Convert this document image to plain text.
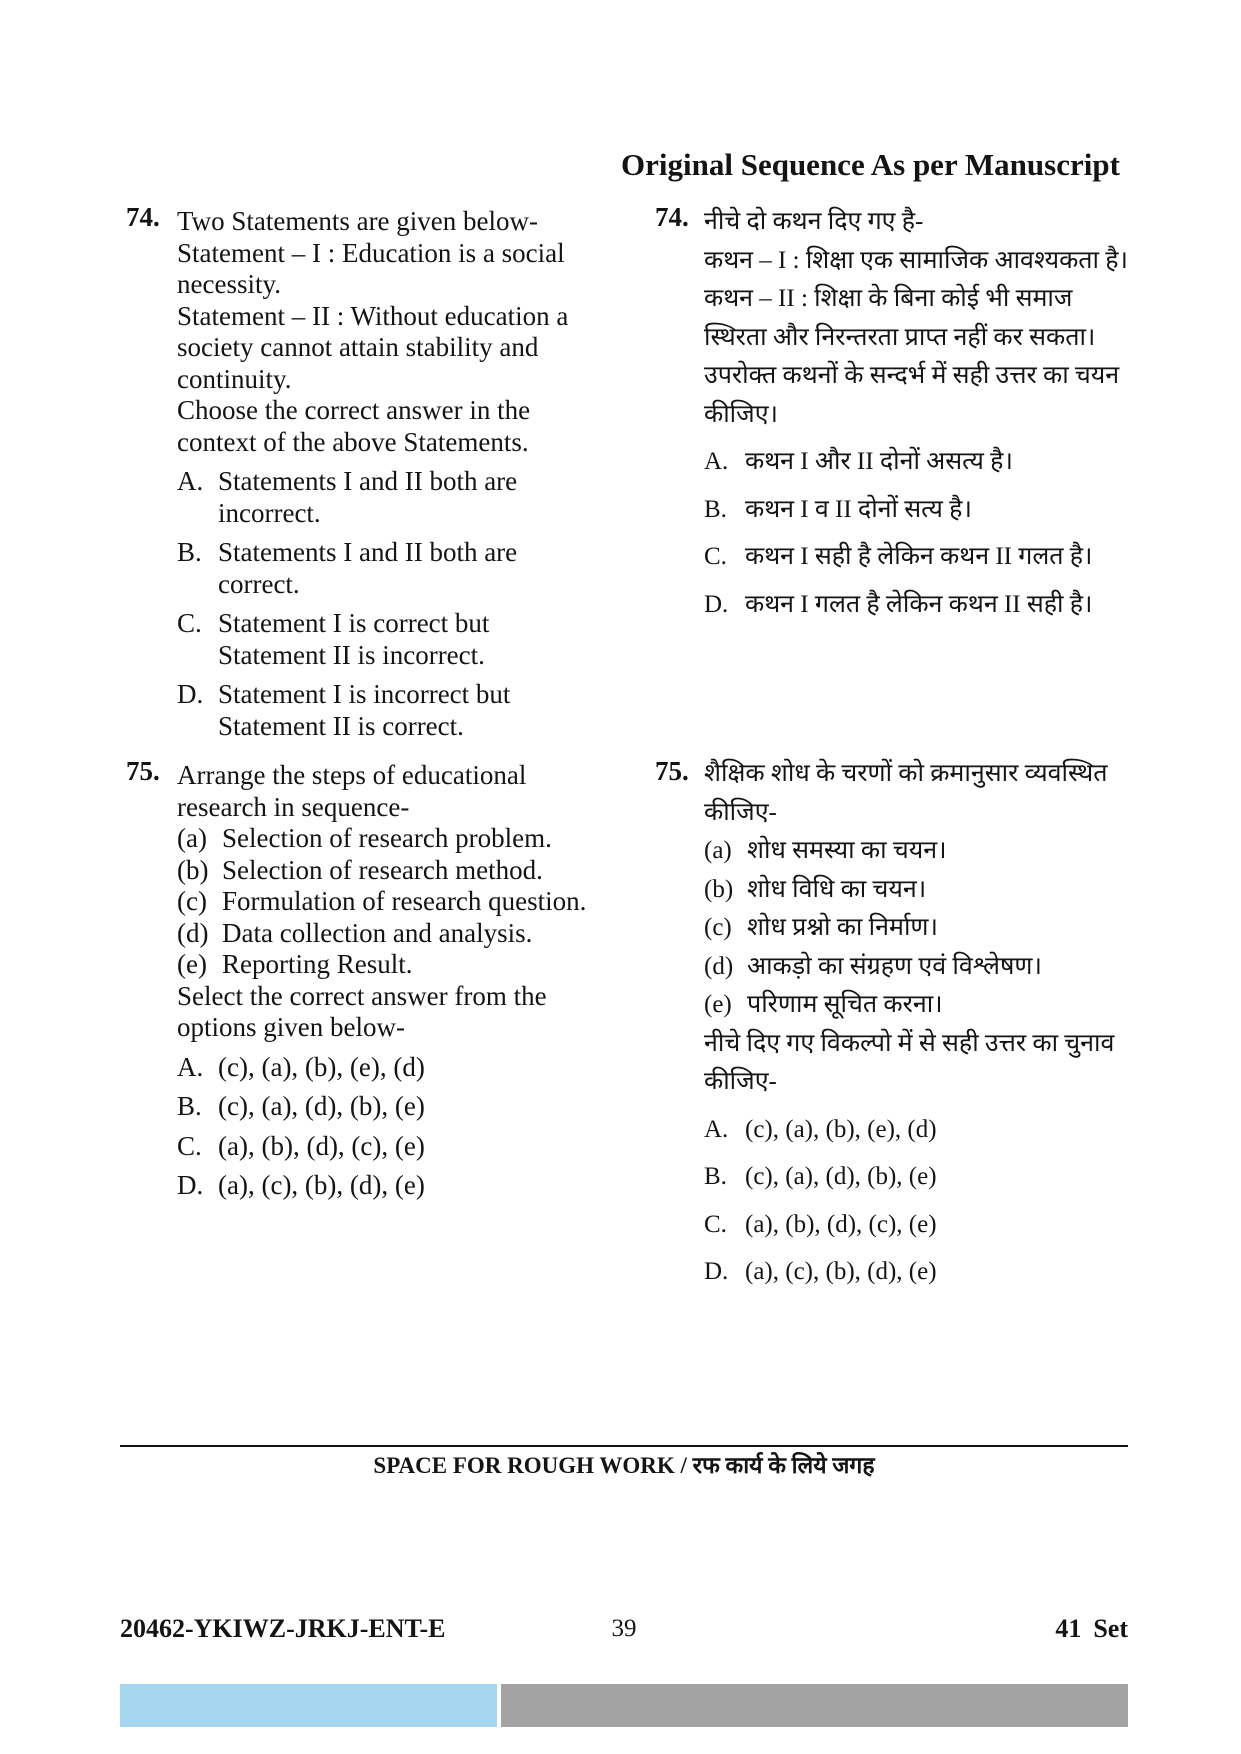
Original Sequence As per Manuscript
74. Two Statements are given below-
Statement – I : Education is a social
necessity.
Statement – II : Without education a
society cannot attain stability and
continuity.
Choose the correct answer in the
context of the above Statements.
A. Statements I and II both are
incorrect.
B. Statements I and II both are
correct.
C. Statement I is correct but
Statement II is incorrect.
D. Statement I is incorrect but
Statement II is correct.
74. नीचे दो कथन दिए गए है-
कथन – I : शिक्षा एक सामाजिक आवश्यकता है।
कथन – II : शिक्षा के बिना कोई भी समाज
स्थिरता और निरन्तरता प्राप्त नहीं कर सकता।
उपरोक्त कथनों के सन्दर्भ में सही उत्तर का चयन
कीजिए।
A. कथन I और II दोनों असत्य है।
B. कथन I व II दोनों सत्य है।
C. कथन I सही है लेकिन कथन II गलत है।
D. कथन I गलत है लेकिन कथन II सही है।
75. Arrange the steps of educational
research in sequence-
(a) Selection of research problem.
(b) Selection of research method.
(c) Formulation of research question.
(d) Data collection and analysis.
(e) Reporting Result.
Select the correct answer from the
options given below-
A. (c), (a), (b), (e), (d)
B. (c), (a), (d), (b), (e)
C. (a), (b), (d), (c), (e)
D. (a), (c), (b), (d), (e)
75. शैक्षिक शोध के चरणों को क्रमानुसार व्यवस्थित
कीजिए-
(a) शोध समस्या का चयन।
(b) शोध विधि का चयन।
(c) शोध प्रश्नो का निर्माण।
(d) आकड़ो का संग्रहण एवं विश्लेषण।
(e) परिणाम सूचित करना।
नीचे दिए गए विकल्पो में से सही उत्तर का चुनाव
कीजिए-
A. (c), (a), (b), (e), (d)
B. (c), (a), (d), (b), (e)
C. (a), (b), (d), (c), (e)
D. (a), (c), (b), (d), (e)
SPACE FOR ROUGH WORK / रफ कार्य के लिये जगह
20462-YKIWZ-JRKJ-ENT-E	39	41 Set
